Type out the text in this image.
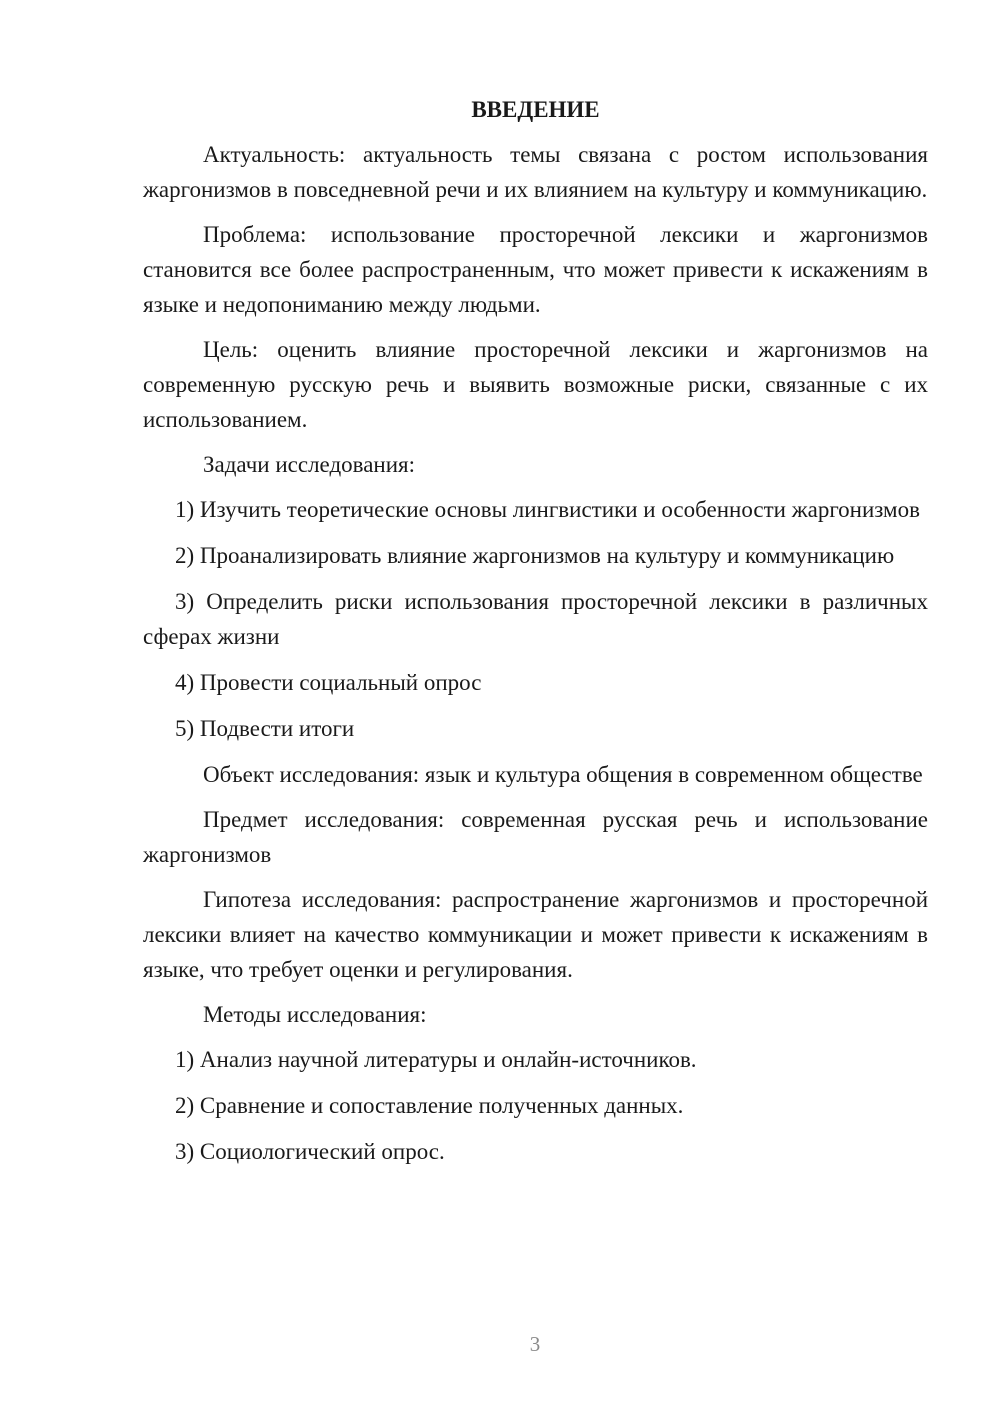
ВВЕДЕНИЕ
Актуальность: актуальность темы связана с ростом использования жаргонизмов в повседневной речи и их влиянием на культуру и коммуникацию.
Проблема: использование просторечной лексики и жаргонизмов становится все более распространенным, что может привести к искажениям в языке и недопониманию между людьми.
Цель: оценить влияние просторечной лексики и жаргонизмов на современную русскую речь и выявить возможные риски, связанные с их использованием.
Задачи исследования:
1) Изучить теоретические основы лингвистики и особенности жаргонизмов
2) Проанализировать влияние жаргонизмов на культуру и коммуникацию
3) Определить риски использования просторечной лексики в различных сферах жизни
4) Провести социальный опрос
5) Подвести итоги
Объект исследования: язык и культура общения в современном обществе
Предмет исследования: современная русская речь и использование жаргонизмов
Гипотеза исследования: распространение жаргонизмов и просторечной лексики влияет на качество коммуникации и может привести к искажениям в языке, что требует оценки и регулирования.
Методы исследования:
1) Анализ научной литературы и онлайн-источников.
2) Сравнение и сопоставление полученных данных.
3) Социологический опрос.
3
